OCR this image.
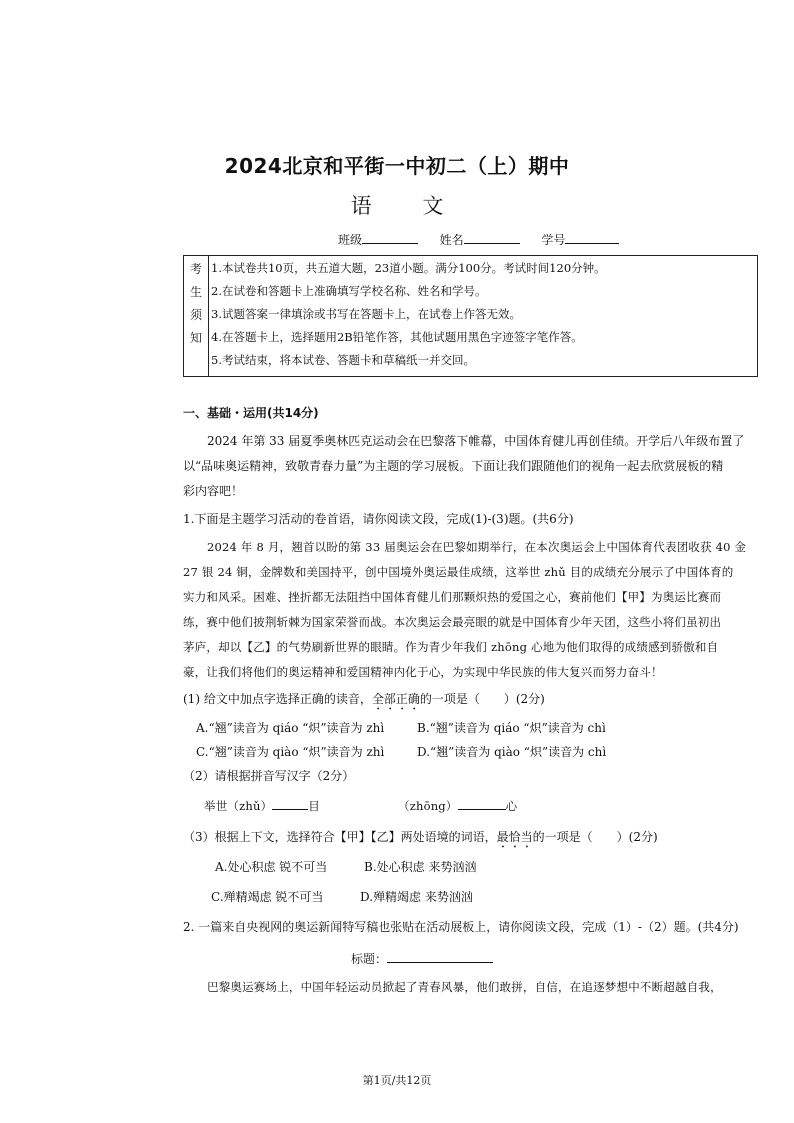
2024北京和平街一中初二（上）期中
语 文
班级	姓名	学号
考
生
须
知
1.本试卷共10页，共五道大题，23道小题。满分100分。考试时间120分钟。
2.在试卷和答题卡上准确填写学校名称、姓名和学号。
3.试题答案一律填涂或书写在答题卡上，在试卷上作答无效。
4.在答题卡上，选择题用2B铅笔作答，其他试题用黑色字迹签字笔作答。
5.考试结束，将本试卷、答题卡和草稿纸一并交回。
一、基础・运用(共14分)
2024 年第 33 届夏季奥林匹克运动会在巴黎落下帷幕，中国体育健儿再创佳绩。开学后八年级布置了
以“品味奥运精神，致敬青春力量”为主题的学习展板。下面让我们跟随他们的视角一起去欣赏展板的精
彩内容吧！
1.下面是主题学习活动的卷首语，请你阅读文段，完成(1)-(3)题。(共6分)
2024 年 8 月，翘首以盼的第 33 届奥运会在巴黎如期举行，在本次奥运会上中国体育代表团收获 40 金
27 银 24 铜，金牌数和美国持平，创中国境外奥运最佳成绩，这举世 zhǔ 目的成绩充分展示了中国体育的
实力和风采。困难、挫折都无法阻挡中国体育健儿们那颗炽热的爱国之心，赛前他们【甲】为奥运比赛而
练，赛中他们披荆斩棘为国家荣誉而战。本次奥运会最亮眼的就是中国体育少年天团，这些小将们虽初出
茅庐，却以【乙】的气势刷新世界的眼睛。作为青少年我们 zhōng 心地为他们取得的成绩感到骄傲和自
豪，让我们将他们的奥运精神和爱国精神内化于心，为实现中华民族的伟大复兴而努力奋斗！
(1) 给文中加点字选择正确的读音，全部正确的一项是（　　）(2分)
A.“翘”读音为 qiáo “炽”读音为 zhì	B.“翘”读音为 qiáo “炽”读音为 chì
C.“翘”读音为 qiào “炽”读音为 zhì	D.“翘”读音为 qiào “炽”读音为 chì
（2）请根据拼音写汉字（2分）
举世（zhǔ）	目	（zhōng）	心
（3）根据上下文，选择符合【甲】【乙】两处语境的词语，最恰当的一项是（　　）(2分)
A.处心积虑 锐不可当	B.处心积虑 来势汹汹
C.殚精竭虑 锐不可当	D.殚精竭虑 来势汹汹
2. 一篇来自央视网的奥运新闻特写稿也张贴在活动展板上，请你阅读文段，完成（1）-（2）题。(共4分)
标题：
巴黎奥运赛场上，中国年轻运动员掀起了青春风暴，他们敢拼，自信，在追逐梦想中不断超越自我，
第1页/共12页
